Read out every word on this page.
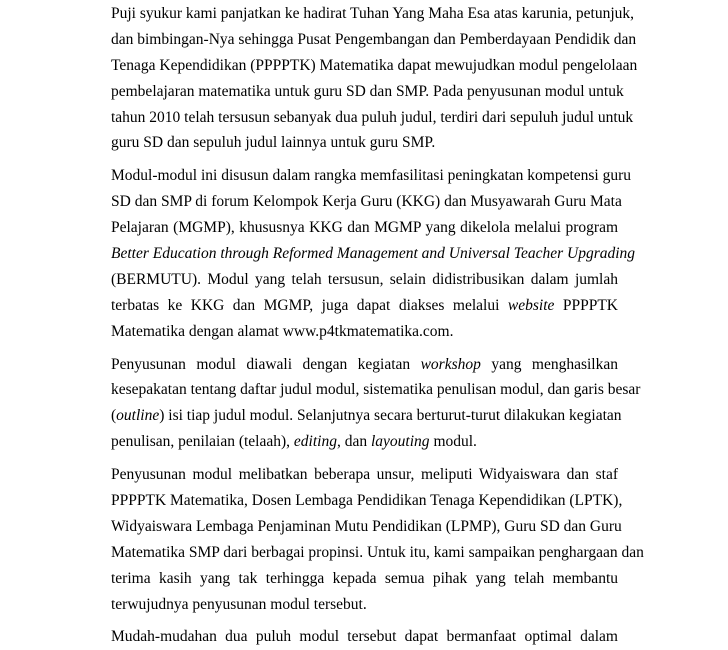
Puji syukur kami panjatkan ke hadirat Tuhan Yang Maha Esa atas karunia, petunjuk,
dan bimbingan-Nya sehingga Pusat Pengembangan dan Pemberdayaan Pendidik dan
Tenaga Kependidikan (PPPPTK) Matematika dapat mewujudkan modul pengelolaan
pembelajaran matematika untuk guru SD dan SMP. Pada penyusunan modul untuk
tahun 2010 telah tersusun sebanyak dua puluh judul, terdiri dari sepuluh judul untuk
guru SD dan sepuluh judul lainnya untuk guru SMP.
Modul-modul ini disusun dalam rangka memfasilitasi peningkatan kompetensi guru
SD dan SMP di forum Kelompok Kerja Guru (KKG) dan Musyawarah Guru Mata
Pelajaran (MGMP), khususnya KKG dan MGMP yang dikelola melalui program
Better Education through Reformed Management and Universal Teacher Upgrading
(BERMUTU). Modul yang telah tersusun, selain didistribusikan dalam jumlah
terbatas ke KKG dan MGMP, juga dapat diakses melalui website PPPPTK
Matematika dengan alamat www.p4tkmatematika.com.
Penyusunan modul diawali dengan kegiatan workshop yang menghasilkan
kesepakatan tentang daftar judul modul, sistematika penulisan modul, dan garis besar
(outline) isi tiap judul modul. Selanjutnya secara berturut-turut dilakukan kegiatan
penulisan, penilaian (telaah), editing, dan layouting modul.
Penyusunan modul melibatkan beberapa unsur, meliputi Widyaiswara dan staf
PPPPTK Matematika, Dosen Lembaga Pendidikan Tenaga Kependidikan (LPTK),
Widyaiswara Lembaga Penjaminan Mutu Pendidikan (LPMP), Guru SD dan Guru
Matematika SMP dari berbagai propinsi. Untuk itu, kami sampaikan penghargaan dan
terima kasih yang tak terhingga kepada semua pihak yang telah membantu
terwujudnya penyusunan modul tersebut.
Mudah-mudahan dua puluh modul tersebut dapat bermanfaat optimal dalam
